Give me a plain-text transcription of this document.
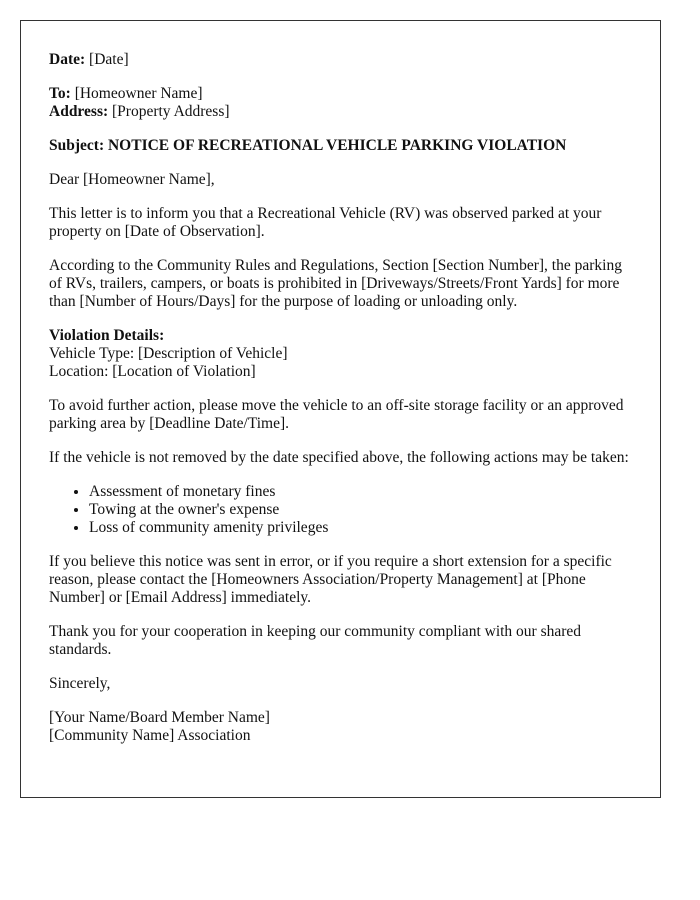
Date: [Date]

To: [Homeowner Name]
Address: [Property Address]

Subject: NOTICE OF RECREATIONAL VEHICLE PARKING VIOLATION

Dear [Homeowner Name],

This letter is to inform you that a Recreational Vehicle (RV) was observed parked at your property on [Date of Observation].

According to the Community Rules and Regulations, Section [Section Number], the parking of RVs, trailers, campers, or boats is prohibited in [Driveways/Streets/Front Yards] for more than [Number of Hours/Days] for the purpose of loading or unloading only.

Violation Details:
Vehicle Type: [Description of Vehicle]
Location: [Location of Violation]

To avoid further action, please move the vehicle to an off-site storage facility or an approved parking area by [Deadline Date/Time].

If the vehicle is not removed by the date specified above, the following actions may be taken:

• Assessment of monetary fines
• Towing at the owner's expense
• Loss of community amenity privileges

If you believe this notice was sent in error, or if you require a short extension for a specific reason, please contact the [Homeowners Association/Property Management] at [Phone Number] or [Email Address] immediately.

Thank you for your cooperation in keeping our community compliant with our shared standards.

Sincerely,

[Your Name/Board Member Name]
[Community Name] Association
